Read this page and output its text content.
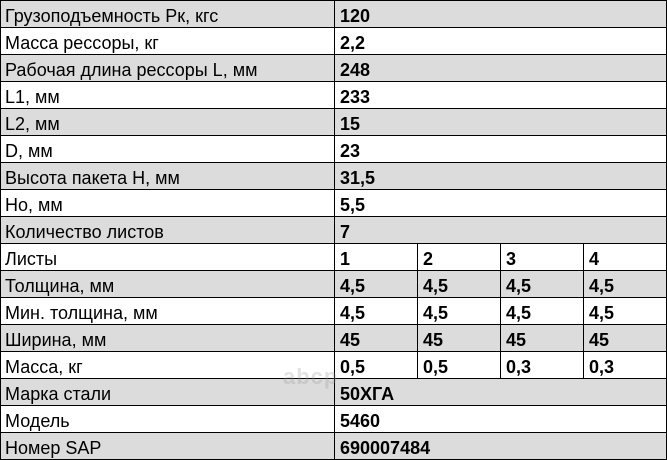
Грузоподъемность Pк, кгс	120			
Масса рессоры, кг	2,2			
Рабочая длина рессоры L, мм	248			
L1, мм	233			
L2, мм	15			
D, мм	23			
Высота пакета H, мм	31,5			
Ho, мм	5,5			
Количество листов	7			
Листы	1	2	3	4
Толщина, мм	4,5	4,5	4,5	4,5
Мин. толщина, мм	4,5	4,5	4,5	4,5
Ширина, мм	45	45	45	45
Масса, кг	0,5	0,5	0,3	0,3
Марка стали	50ХГА			
Модель	5460			
Номер SAP	690007484			
abcp
